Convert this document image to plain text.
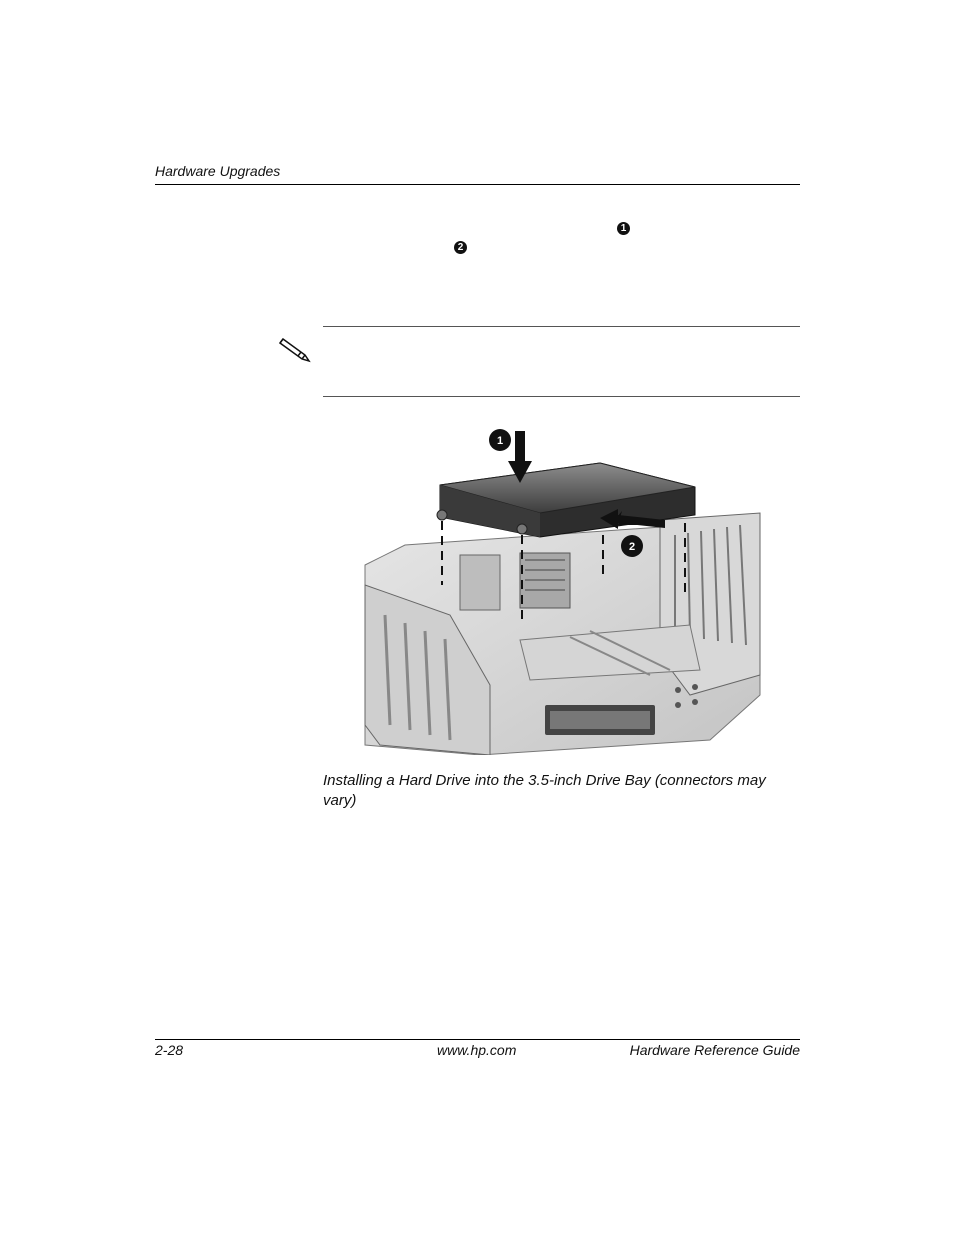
Hardware Upgrades
1
2
1
2
Installing a Hard Drive into the 3.5-inch Drive Bay (connectors may vary)
2-28	www.hp.com	Hardware Reference Guide
